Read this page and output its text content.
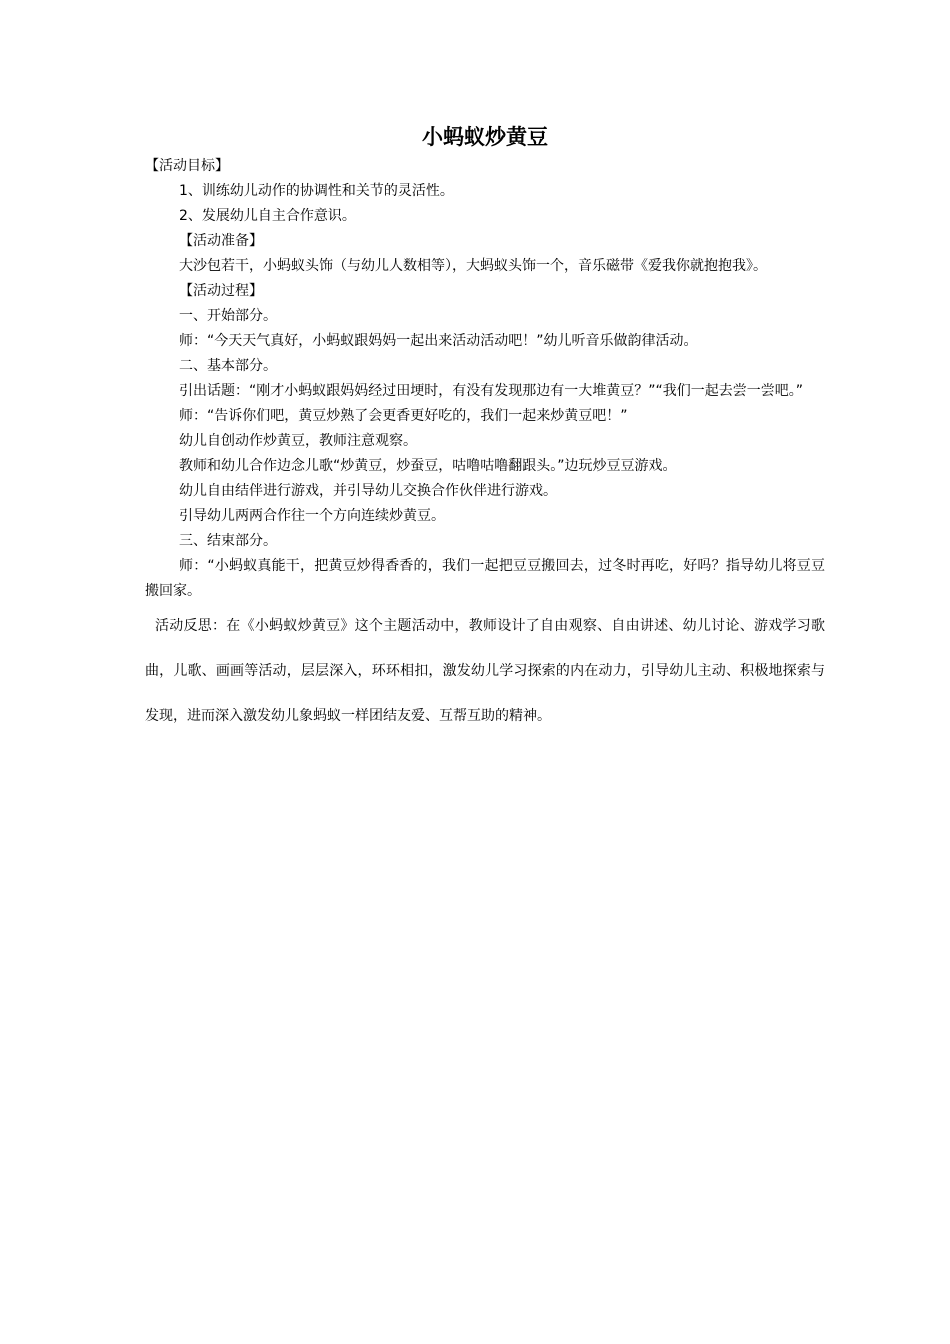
小蚂蚁炒黄豆

【活动目标】

1、训练幼儿动作的协调性和关节的灵活性。

2、发展幼儿自主合作意识。

【活动准备】

大沙包若干，小蚂蚁头饰（与幼儿人数相等），大蚂蚁头饰一个，音乐磁带《爱我你就抱抱我》。

【活动过程】

一、开始部分。

师：“今天天气真好，小蚂蚁跟妈妈一起出来活动活动吧！”幼儿听音乐做韵律活动。

二、基本部分。

引出话题：“刚才小蚂蚁跟妈妈经过田埂时，有没有发现那边有一大堆黄豆？”“我们一起去尝一尝吧。”

师：“告诉你们吧，黄豆炒熟了会更香更好吃的，我们一起来炒黄豆吧！”

幼儿自创动作炒黄豆，教师注意观察。

教师和幼儿合作边念儿歌“炒黄豆，炒蚕豆，咕噜咕噜翻跟头。”边玩炒豆豆游戏。

幼儿自由结伴进行游戏，并引导幼儿交换合作伙伴进行游戏。

引导幼儿两两合作往一个方向连续炒黄豆。

三、结束部分。

师：“小蚂蚁真能干，把黄豆炒得香香的，我们一起把豆豆搬回去，过冬时再吃，好吗？指导幼儿将豆豆搬回家。

活动反思：在《小蚂蚁炒黄豆》这个主题活动中，教师设计了自由观察、自由讲述、幼儿讨论、游戏学习歌曲，儿歌、画画等活动，层层深入，环环相扣，激发幼儿学习探索的内在动力，引导幼儿主动、积极地探索与发现，进而深入激发幼儿象蚂蚁一样团结友爱、互帮互助的精神。
